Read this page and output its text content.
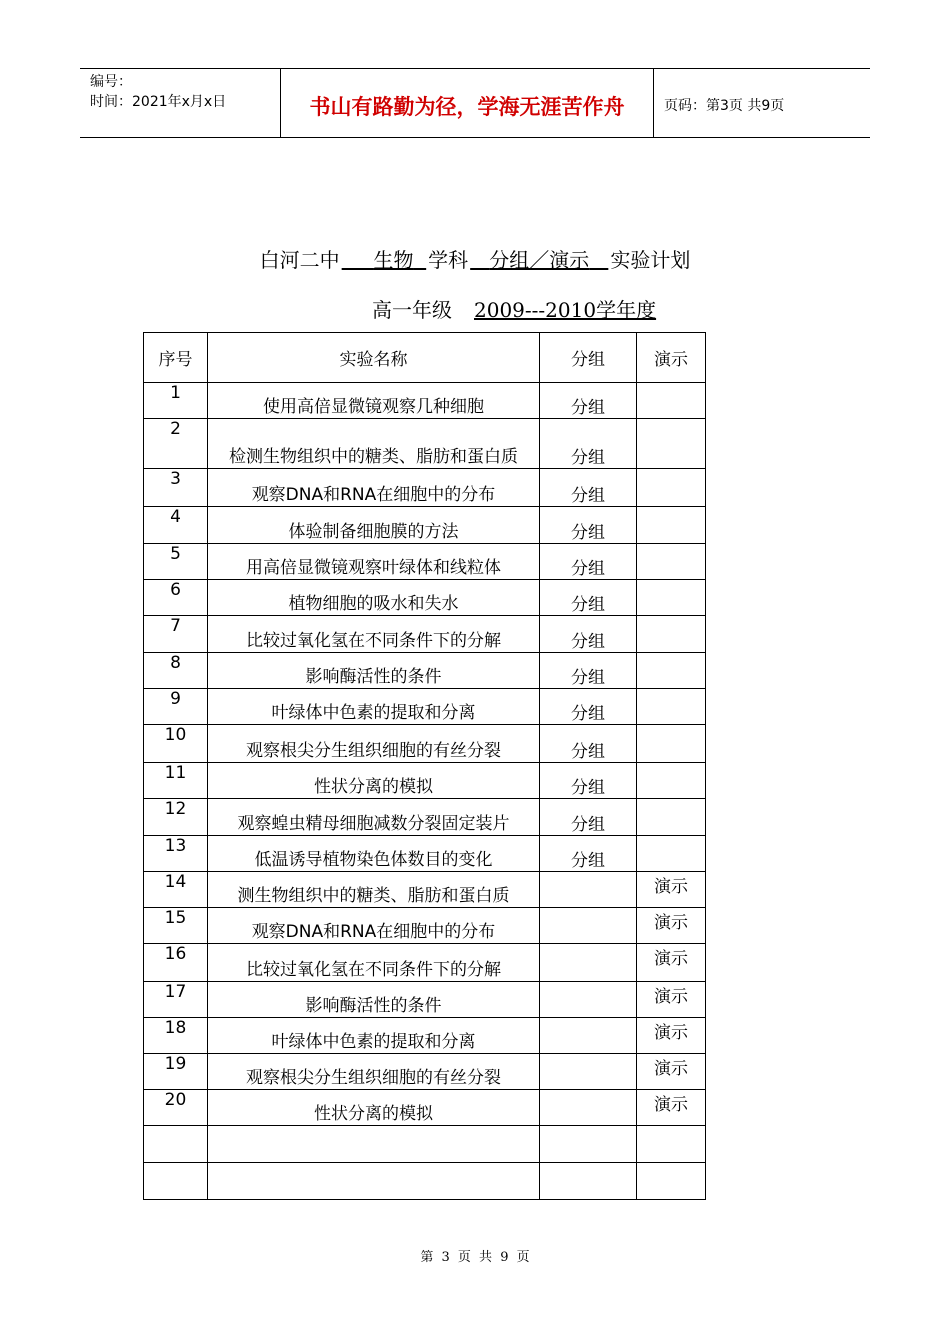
编号：
时间：2021年x月x日	书山有路勤为径，学海无涯苦作舟	页码：第3页 共9页
白河二中 生物 学科 分组／演示 实验计划
高一年级 2009---2010学年度
序号	实验名称	分组	演示
1	使用高倍显微镜观察几种细胞	分组	
2	检测生物组织中的糖类、脂肪和蛋白质	分组	
3	观察DNA和RNA在细胞中的分布	分组	
4	体验制备细胞膜的方法	分组	
5	用高倍显微镜观察叶绿体和线粒体	分组	
6	植物细胞的吸水和失水	分组	
7	比较过氧化氢在不同条件下的分解	分组	
8	影响酶活性的条件	分组	
9	叶绿体中色素的提取和分离	分组	
10	观察根尖分生组织细胞的有丝分裂	分组	
11	性状分离的模拟	分组	
12	观察蝗虫精母细胞减数分裂固定装片	分组	
13	低温诱导植物染色体数目的变化	分组	
14	测生物组织中的糖类、脂肪和蛋白质		演示
15	观察DNA和RNA在细胞中的分布		演示
16	比较过氧化氢在不同条件下的分解		演示
17	影响酶活性的条件		演示
18	叶绿体中色素的提取和分离		演示
19	观察根尖分生组织细胞的有丝分裂		演示
20	性状分离的模拟		演示

第 3 页 共 9 页
